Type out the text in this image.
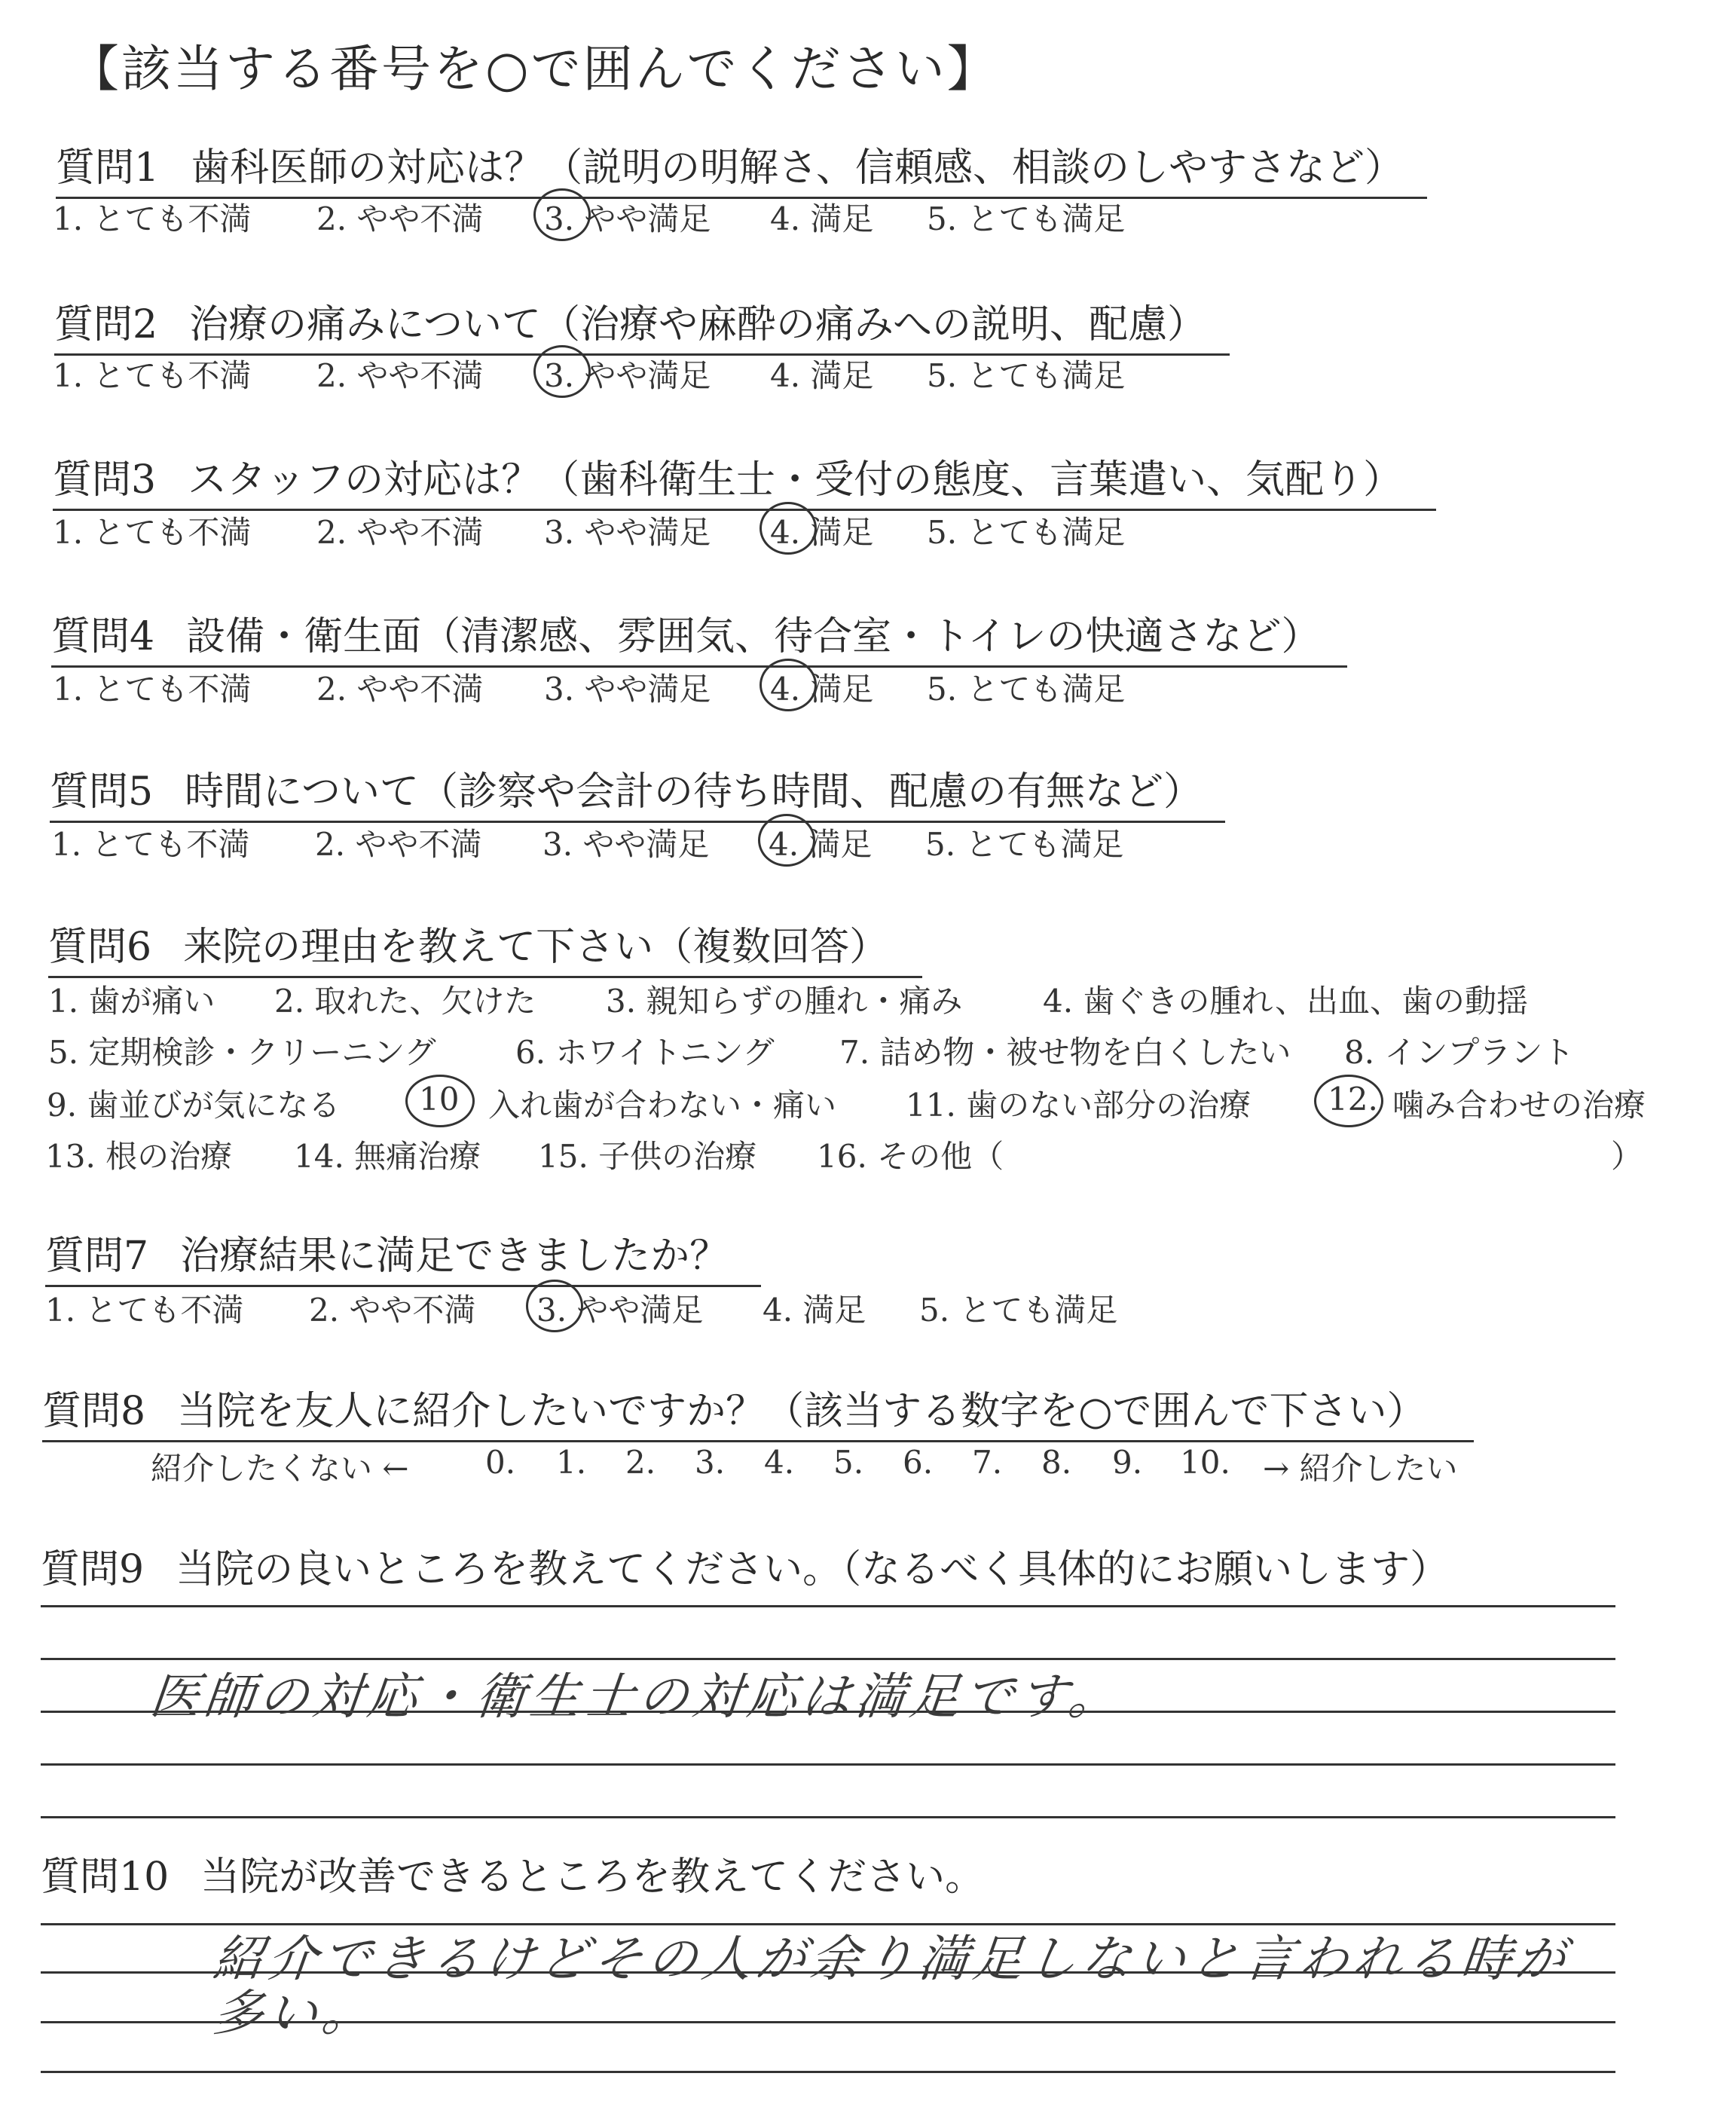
【該当する番号を○で囲んでください】
質問1 歯科医師の対応は？（説明の明解さ、信頼感、相談のしやすさなど）
1. とても不満 2. やや不満 3. やや満足 4. 満足 5. とても満足
質問2 治療の痛みについて（治療や麻酔の痛みへの説明、配慮）
1. とても不満 2. やや不満 3. やや満足 4. 満足 5. とても満足
質問3 スタッフの対応は？（歯科衛生士・受付の態度、言葉遣い、気配り）
1. とても不満 2. やや不満 3. やや満足 4. 満足 5. とても満足
質問4 設備・衛生面（清潔感、雰囲気、待合室・トイレの快適さなど）
1. とても不満 2. やや不満 3. やや満足 4. 満足 5. とても満足
質問5 時間について（診察や会計の待ち時間、配慮の有無など）
1. とても不満 2. やや不満 3. やや満足 4. 満足 5. とても満足
質問6 来院の理由を教えて下さい（複数回答）
1. 歯が痛い 2. 取れた、欠けた 3. 親知らずの腫れ・痛み	4. 歯ぐきの腫れ、出血、歯の動揺
5. 定期検診・クリーニング	6. ホワイトニング 7. 詰め物・被せ物を白くしたい 8. インプラント
9. 歯並びが気になる 10 入れ歯が合わない・痛い 11. 歯のない部分の治療 12. 噛み合わせの治療
13. 根の治療 14. 無痛治療 15. 子供の治療 16. その他（	）
質問7 治療結果に満足できましたか？
1. とても不満 2. やや不満 3. やや満足 4. 満足 5. とても満足
質問8 当院を友人に紹介したいですか？（該当する数字を○で囲んで下さい）
紹介したくない ← 0. 1. 2. 3. 4. 5. 6. 7. 8. 9. 10. → 紹介したい
質問9 当院の良いところを教えてください。（なるべく具体的にお願いします）
医師の対応・衛生士の対応は満足です。
質問10 当院が改善できるところを教えてください。
紹介できるけどその人が余り満足しないと言われる時が
多い。
